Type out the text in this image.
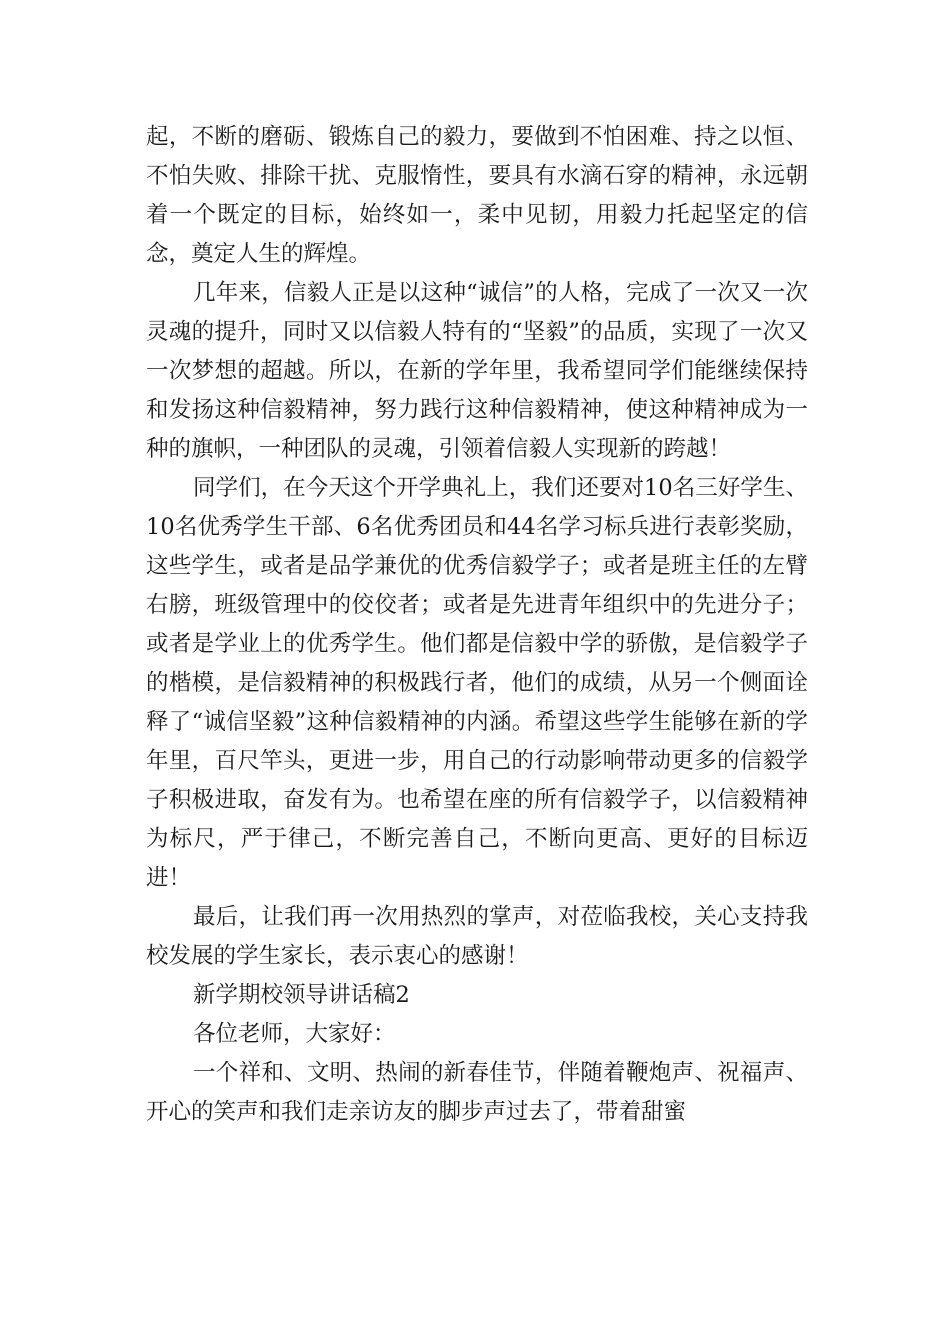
起，不断的磨砺、锻炼自己的毅力，要做到不怕困难、持之以恒、不怕失败、排除干扰、克服惰性，要具有水滴石穿的精神，永远朝着一个既定的目标，始终如一，柔中见韧，用毅力托起坚定的信念，奠定人生的辉煌。

几年来，信毅人正是以这种“诚信”的人格，完成了一次又一次灵魂的提升，同时又以信毅人特有的“坚毅”的品质，实现了一次又一次梦想的超越。所以，在新的学年里，我希望同学们能继续保持和发扬这种信毅精神，努力践行这种信毅精神，使这种精神成为一种的旗帜，一种团队的灵魂，引领着信毅人实现新的跨越！

同学们，在今天这个开学典礼上，我们还要对10名三好学生、10名优秀学生干部、6名优秀团员和44名学习标兵进行表彰奖励，这些学生，或者是品学兼优的优秀信毅学子；或者是班主任的左臂右膀，班级管理中的佼佼者；或者是先进青年组织中的先进分子；或者是学业上的优秀学生。他们都是信毅中学的骄傲，是信毅学子的楷模，是信毅精神的积极践行者，他们的成绩，从另一个侧面诠释了“诚信坚毅”这种信毅精神的内涵。希望这些学生能够在新的学年里，百尺竿头，更进一步，用自己的行动影响带动更多的信毅学子积极进取，奋发有为。也希望在座的所有信毅学子，以信毅精神为标尺，严于律己，不断完善自己，不断向更高、更好的目标迈进！

最后，让我们再一次用热烈的掌声，对莅临我校，关心支持我校发展的学生家长，表示衷心的感谢！

新学期校领导讲话稿2

各位老师，大家好：

一个祥和、文明、热闹的新春佳节，伴随着鞭炮声、祝福声、开心的笑声和我们走亲访友的脚步声过去了，带着甜蜜
